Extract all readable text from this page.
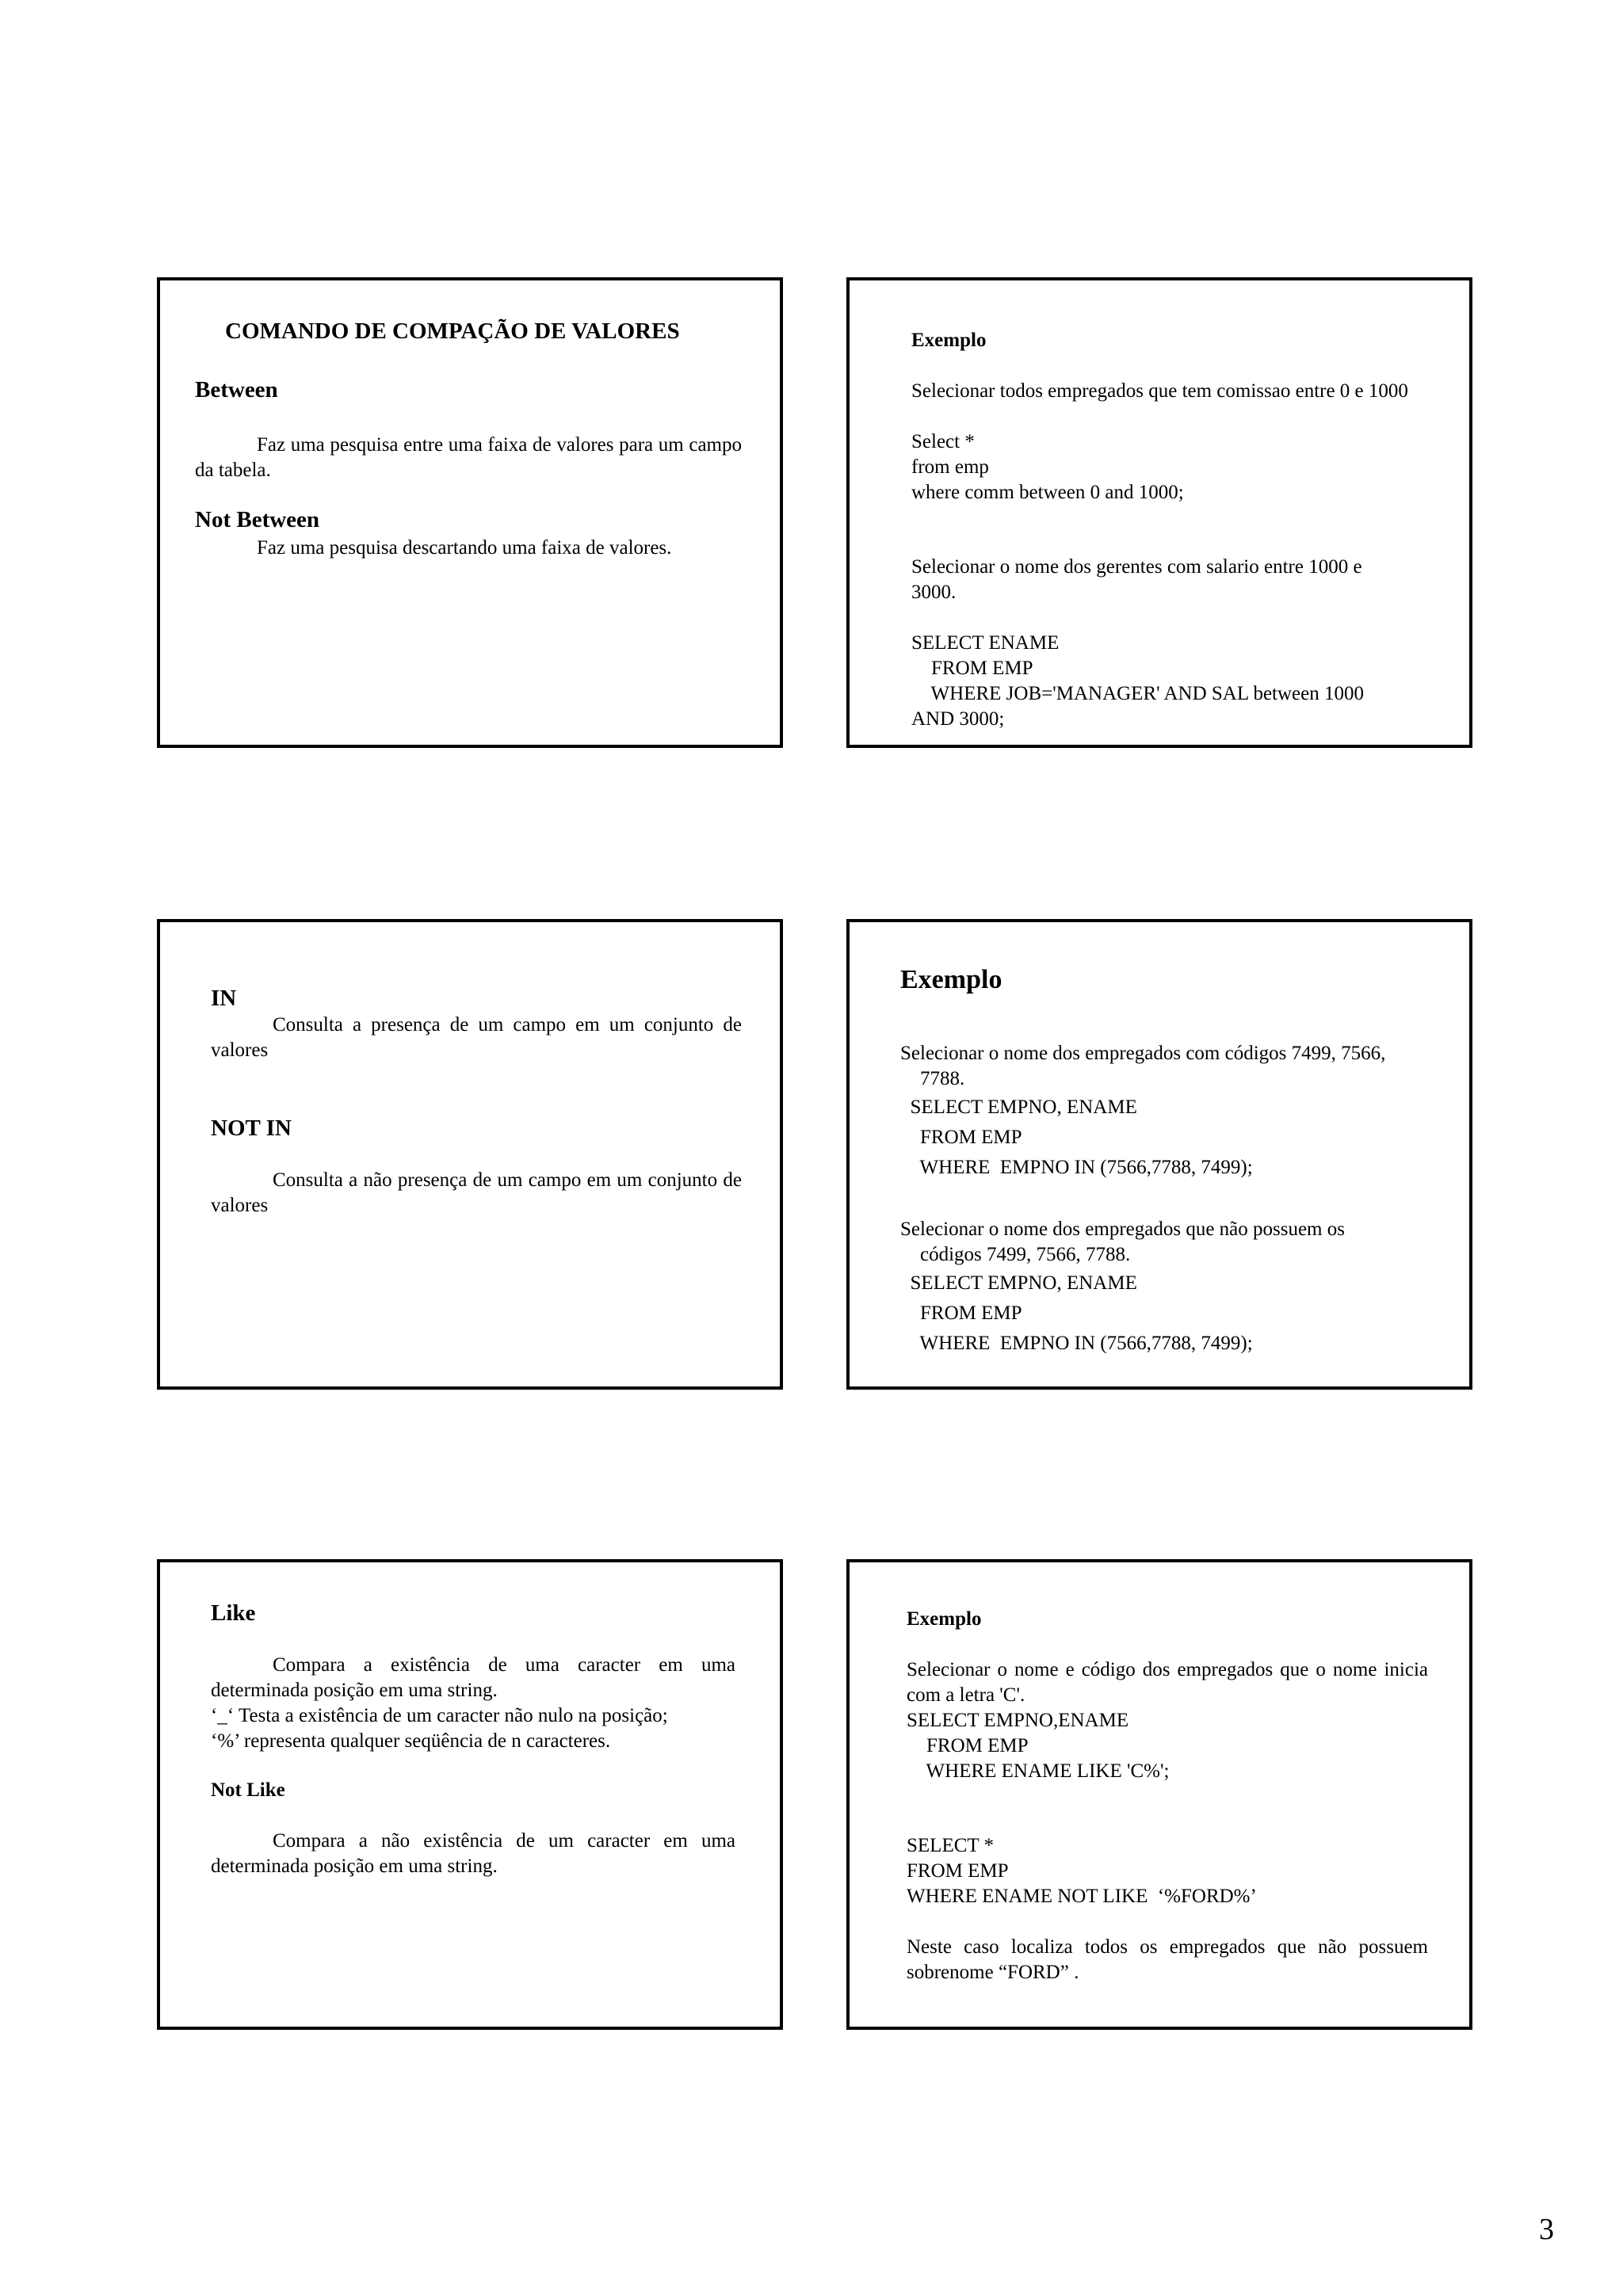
COMANDO DE COMPAÇÃO DE VALORES
Between
Faz uma pesquisa entre uma faixa de valores para um campo da tabela.
Not Between
Faz uma pesquisa descartando uma faixa de valores.
Exemplo
Selecionar todos empregados que tem comissao entre 0 e 1000
Select *
from emp
where comm between 0 and 1000;
Selecionar o nome dos gerentes com salario entre 1000 e
3000.
SELECT ENAME
FROM EMP
WHERE JOB='MANAGER' AND SAL between 1000
AND 3000;
IN
Consulta a presença de um campo em um conjunto de valores
NOT IN
Consulta a não presença de um campo em um conjunto de valores
Exemplo
Selecionar o nome dos empregados com códigos 7499, 7566,
7788.
SELECT EMPNO, ENAME
FROM EMP
WHERE  EMPNO IN (7566,7788, 7499);
Selecionar o nome dos empregados que não possuem os
códigos 7499, 7566, 7788.
SELECT EMPNO, ENAME
FROM EMP
WHERE  EMPNO IN (7566,7788, 7499);
Like
Compara a existência de uma caracter em uma determinada posição em uma string.
‘_‘ Testa a existência de um caracter não nulo na posição;
‘%’ representa qualquer seqüência de n caracteres.
Not Like
Compara a não existência de um caracter em uma determinada posição em uma string.
Exemplo
Selecionar o nome e código dos empregados que o nome inicia com a letra 'C'.
SELECT EMPNO,ENAME
FROM EMP
WHERE ENAME LIKE 'C%';
SELECT *
FROM EMP
WHERE ENAME NOT LIKE  ‘%FORD%’
Neste caso localiza todos os empregados que não possuem sobrenome “FORD” .
3
